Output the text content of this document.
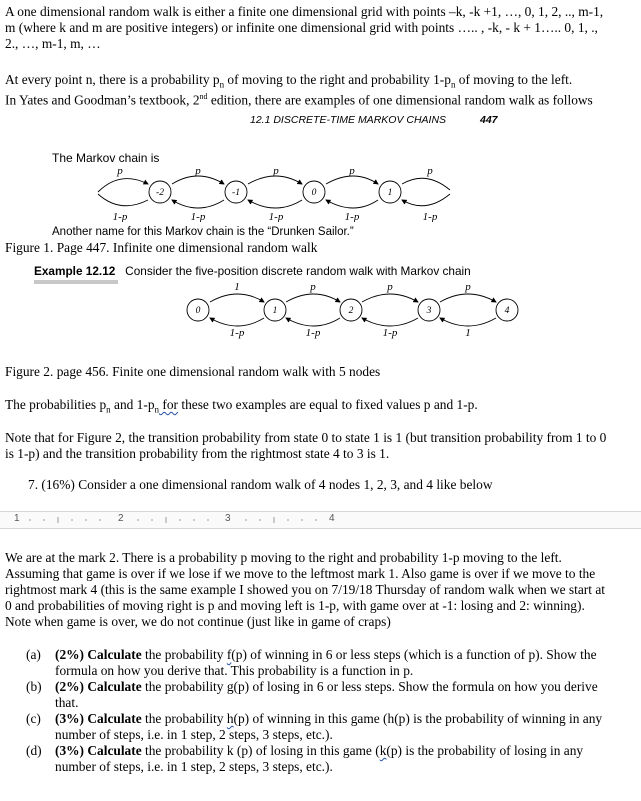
A one dimensional random walk is either a finite one dimensional grid with points –k, -k +1, …, 0, 1, 2, .., m-1,
m (where k and m are positive integers) or infinite one dimensional grid with points ….. , -k, - k + 1….. 0, 1, .,
2., …, m-1, m, …
At every point n, there is a probability $p_n$ of moving to the right and probability $1-p_n$ of moving to the left.
In Yates and Goodman’s textbook, 2nd edition, there are examples of one dimensional random walk as follows
12.1 DISCRETE-TIME MARKOV CHAINS	447
The Markov chain is
-2	-1	0	1
p	p	p	p	p
1-p	1-p	1-p	1-p	1-p
Another name for this Markov chain is the “Drunken Sailor.”
Figure 1. Page 447. Infinite one dimensional random walk
Example 12.12 Consider the five-position discrete random walk with Markov chain
0	1	2	3	4
1	p	p	p
1-p	1-p	1-p	1
Figure 2. page 456. Finite one dimensional random walk with 5 nodes
The probabilities $p_n$ and $1-p_n$ for these two examples are equal to fixed values p and 1-p.
Note that for Figure 2, the transition probability from state 0 to state 1 is 1 (but transition probability from 1 to 0
is 1-p) and the transition probability from the rightmost state 4 to 3 is 1.
7. (16%) Consider a one dimensional random walk of 4 nodes 1, 2, 3, and 4 like below
1	2	3	4
We are at the mark 2. There is a probability p moving to the right and probability 1-p moving to the left.
Assuming that game is over if we lose if we move to the leftmost mark 1. Also game is over if we move to the
rightmost mark 4 (this is the same example I showed you on 7/19/18 Thursday of random walk when we start at
0 and probabilities of moving right is p and moving left is 1-p, with game over at -1: losing and 2: winning).
Note when game is over, we do not continue (just like in game of craps)
(a) (2%) Calculate the probability f(p) of winning in 6 or less steps (which is a function of p). Show the
formula on how you derive that. This probability is a function in p.
(b) (2%) Calculate the probability g(p) of losing in 6 or less steps. Show the formula on how you derive
that.
(c) (3%) Calculate the probability h(p) of winning in this game (h(p) is the probability of winning in any
number of steps, i.e. in 1 step, 2 steps, 3 steps, etc.).
(d) (3%) Calculate the probability k (p) of losing in this game (k(p) is the probability of losing in any
number of steps, i.e. in 1 step, 2 steps, 3 steps, etc.).
